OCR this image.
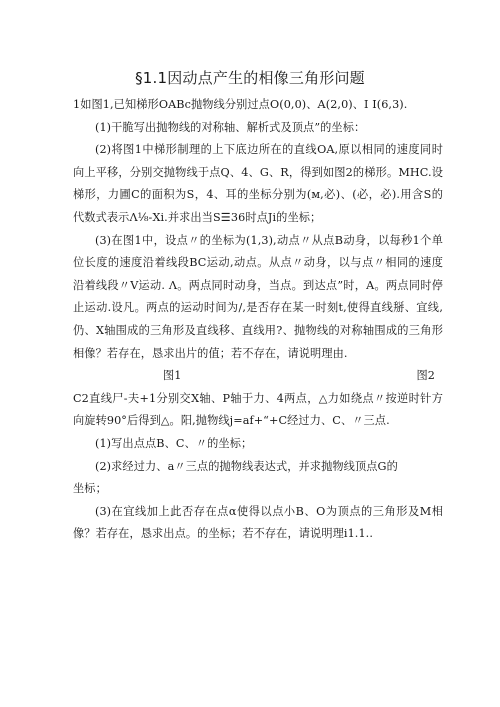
§1.1因动点产生的相像三角形问题

1如图1,已知梯形OABc抛物线分别过点O(0,0)、A(2,0)、I I(6,3).

(1)干脆写出抛物线的对称轴、解析式及顶点”的坐标：

(2)将图1中梯形制理的上下底边所在的直线OA,原以相同的速度同时向上平移，分别交抛物线于点Q、4、G、R，得到如图2的梯形。MHC.设梯形，力圃C的面积为S，4、耳的坐标分别为(м,必)、(必，必).用含S的代数式表示Λ⅛-Xi.并求出当S☰36时点Ji的坐标；

(3)在图1中，设点〃的坐标为(1,3),动点〃从点B动身，以每秒1个单位长度的速度沿着线段BC运动,动点。从点〃动身，以与点〃相同的速度沿着线段〃V运动. Λ。两点同时动身，当点。到达点”时，A。两点同时停止运动.设凡。两点的运动时间为/,是否存在某一时刻t,使得直线掰、宜线,仍、X轴围成的三角形及直线移、直线用?、抛物线的对称轴围成的三角形相像？若存在，恳求出片的值；若不存在，请说明理由.

图1	图2

C2直线尸-夫+1分别交X轴、P轴于力、4两点，△力如绕点〃按逆时针方向旋转90°后得到△。阳,抛物线j=af+“+C经过力、C、〃三点.

(1)写出点点B、C、〃的坐标；

(2)求经过力、a〃三点的抛物线表达式，并求抛物线顶点G的

坐标；

(3)在宜线加上此否存在点α使得以点小B、O为顶点的三角形及M相像？若存在，恳求出点。的坐标；若不存在，请说明理i1.1..
